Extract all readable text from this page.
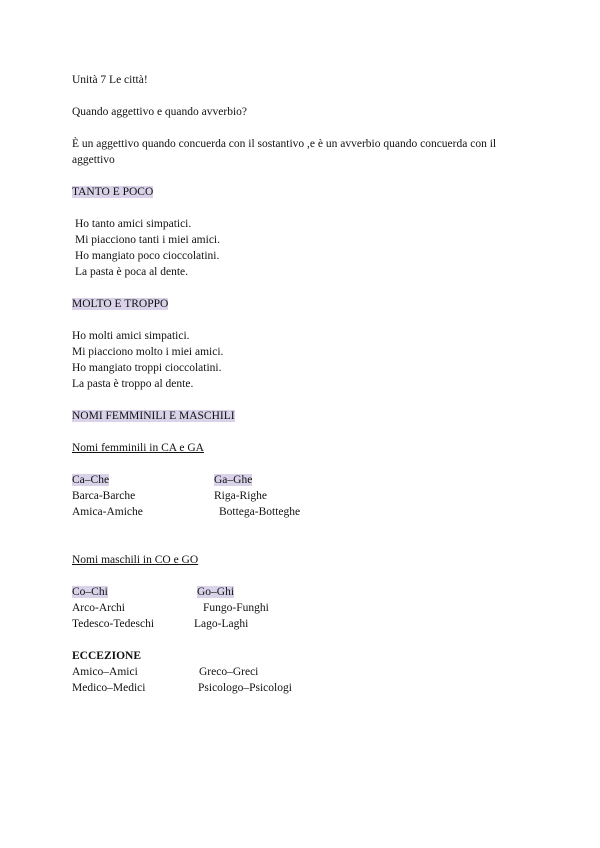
Unità 7 Le città!
Quando aggettivo e quando avverbio?
È un aggettivo quando concuerda con il sostantivo ,e è un avverbio quando concuerda con il
aggettivo
TANTO E POCO
Ho tanto amici simpatici.
Mi piacciono tanti i miei amici.
Ho mangiato poco cioccolatini.
La pasta è poca al dente.
MOLTO E TROPPO
Ho molti amici simpatici.
Mi piacciono molto i miei amici.
Ho mangiato troppi cioccolatini.
La pasta è troppo al dente.
NOMI FEMMINILI E MASCHILI
Nomi femminili in CA e GA
Ca–Che	Ga–Ghe
Barca-Barche	Riga-Righe
Amica-Amiche	Bottega-Botteghe
Nomi maschili in CO e GO
Co–Chi	Go–Ghi
Arco-Archi	Fungo-Funghi
Tedesco-Tedeschi	Lago-Laghi
ECCEZIONE
Amico–Amici	Greco–Greci
Medico–Medici	Psicologo–Psicologi
